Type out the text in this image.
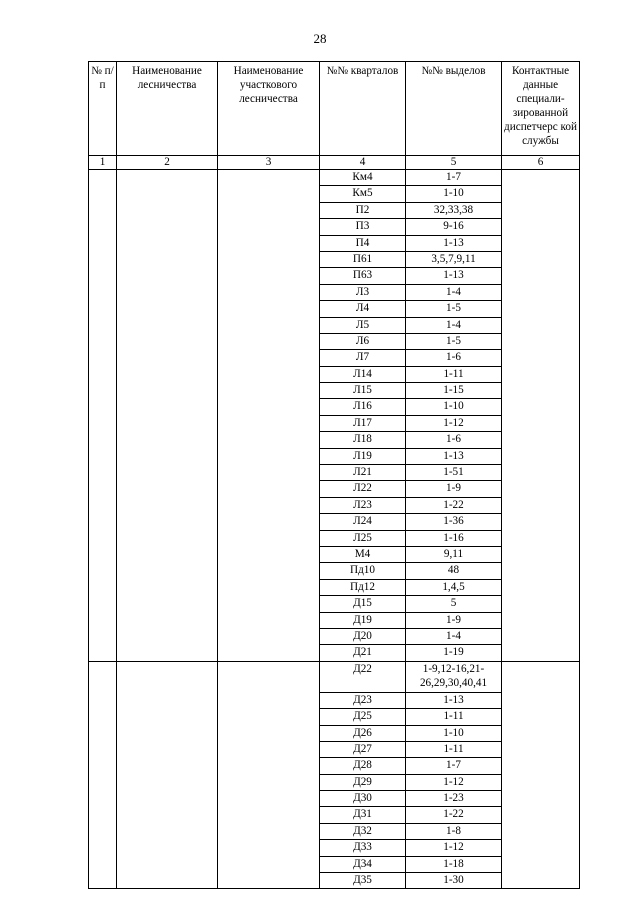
28
№ п/п	Наименование лесничества	Наименование участкового лесничества	№№ кварталов	№№ выделов	Контактные данные специали- зированной диспетчерс кой службы
1	2	3	4	5	6
			Км4	1-7	
			Км5	1-10	
			П2	32,33,38	
			П3	9-16	
			П4	1-13	
			П61	3,5,7,9,11	
			П63	1-13	
			Л3	1-4	
			Л4	1-5	
			Л5	1-4	
			Л6	1-5	
			Л7	1-6	
			Л14	1-11	
			Л15	1-15	
			Л16	1-10	
			Л17	1-12	
			Л18	1-6	
			Л19	1-13	
			Л21	1-51	
			Л22	1-9	
			Л23	1-22	
			Л24	1-36	
			Л25	1-16	
			М4	9,11	
			Пд10	48	
			Пд12	1,4,5	
			Д15	5	
			Д19	1-9	
			Д20	1-4	
			Д21	1-19	
			Д22	1-9,12-16,21-26,29,30,40,41	
			Д23	1-13	
			Д25	1-11	
			Д26	1-10	
			Д27	1-11	
			Д28	1-7	
			Д29	1-12	
			Д30	1-23	
			Д31	1-22	
			Д32	1-8	
			Д33	1-12	
			Д34	1-18	
			Д35	1-30	
